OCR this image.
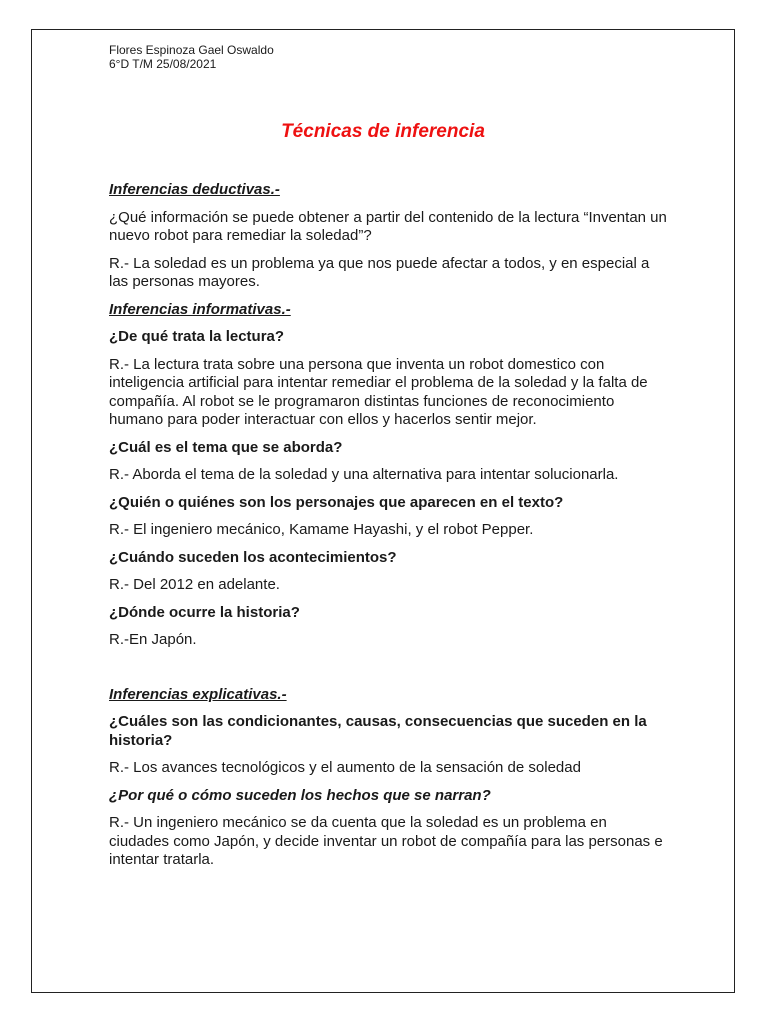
Flores Espinoza Gael Oswaldo
6°D T/M 25/08/2021
Técnicas de inferencia

Inferencias deductivas.-

¿Qué información se puede obtener a partir del contenido de la lectura “Inventan un nuevo robot para remediar la soledad”?

R.- La soledad es un problema ya que nos puede afectar a todos, y en especial a las personas mayores.

Inferencias informativas.-

¿De qué trata la lectura?

R.- La lectura trata sobre una persona que inventa un robot domestico con inteligencia artificial para intentar remediar el problema de la soledad y la falta de compañía. Al robot se le programaron distintas funciones de reconocimiento humano para poder interactuar con ellos y hacerlos sentir mejor.

¿Cuál es el tema que se aborda?

R.- Aborda el tema de la soledad y una alternativa para intentar solucionarla.

¿Quién o quiénes son los personajes que aparecen en el texto?

R.- El ingeniero mecánico, Kamame Hayashi, y el robot Pepper.

¿Cuándo suceden los acontecimientos?

R.- Del 2012 en adelante.

¿Dónde ocurre la historia?

R.-En Japón.

Inferencias explicativas.-

¿Cuáles son las condicionantes, causas, consecuencias que suceden en la historia?

R.- Los avances tecnológicos y el aumento de la sensación de soledad

¿Por qué o cómo suceden los hechos que se narran?

R.- Un ingeniero mecánico se da cuenta que la soledad es un problema en ciudades como Japón, y decide inventar un robot de compañía para las personas e intentar tratarla.
